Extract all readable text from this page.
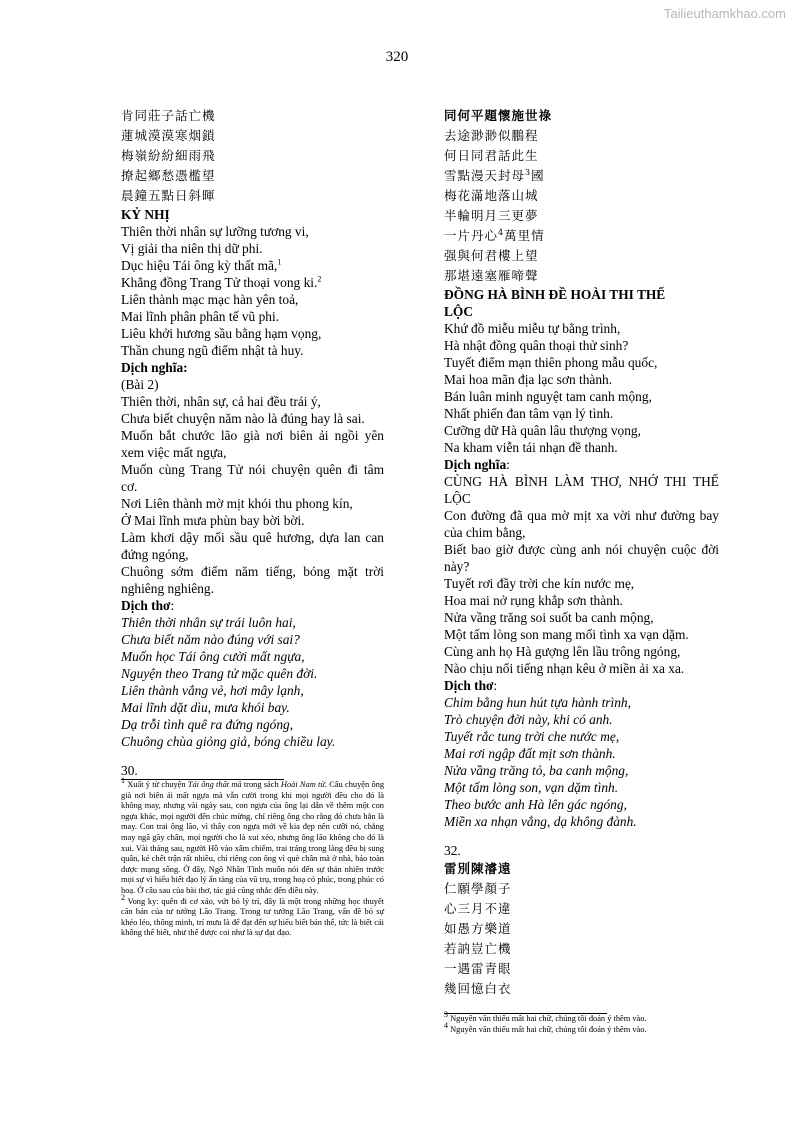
Tailieuthamkhao.com
320
肯同莊子話亡機
蓮城漠漠寒烟鎖
梅嶺紛紛細雨飛
撩起鄉愁憑檻望
晨鐘五點日斜暉
KỶ NHỊ
Thiên thời nhân sự lưỡng tương vi,
Vị giải tha niên thị dữ phi.
Dục hiệu Tái ông kỳ thất mã,$^1$
Khẳng đồng Trang Tử thoại vong ki.$^2$
Liên thành mạc mạc hàn yên toả,
Mai lĩnh phân phân tế vũ phi.
Liêu khởi hương sầu bằng hạm vọng,
Thần chung ngũ điểm nhật tà huy.
Dịch nghĩa:
(Bài 2)
Thiên thời, nhân sự, cả hai đều trái ý,
Chưa biết chuyện năm nào là đúng hay là sai.
Muốn bắt chước lão già nơi biên ải ngồi yên xem việc mất ngựa,
Muốn cùng Trang Tử nói chuyện quên đi tâm cơ.
Nơi Liên thành mờ mịt khói thu phong kín,
Ở Mai lĩnh mưa phùn bay bời bời.
Làm khơi dậy mối sầu quê hương, dựa lan can đứng ngóng,
Chuông sớm điểm năm tiếng, bóng mặt trời nghiêng nghiêng.
Dịch thơ:
Thiên thời nhân sự trái luôn hai,
Chưa biết năm nào đúng với sai?
Muốn học Tái ông cười mất ngựa,
Nguyện theo Trang tử mặc quên đời.
Liên thành vắng vẻ, hơi mây lạnh,
Mai lĩnh dặt dìu, mưa khói bay.
Dạ trỗi tình quê ra đứng ngóng,
Chuông chùa giỏng giả, bóng chiều lay.
30.
$^1$ Xuất ý từ chuyện Tái ông thất mã trong sách Hoài Nam tử. Câu chuyện ông già nơi biên ải mất ngựa mà vẫn cười trong khi mọi người đều cho đó là không may, nhưng vài ngày sau, con ngựa của ông lại dẫn về thêm một con ngựa khác, mọi người đến chúc mừng, chỉ riêng ông cho rằng đó chưa hẳn là may. Con trai ông lão, vì thấy con ngựa mới về kia đẹp nên cưỡi nó, chẳng may ngã gãy chân, mọi người cho là xui xẻo, nhưng ông lão không cho đó là xui. Vài tháng sau, người Hồ vào xâm chiếm, trai tráng trong làng đều bị sung quân, kẻ chết trận rất nhiều, chỉ riêng con ông vì què chân mà ở nhà, bảo toàn được mạng sống. Ở đây, Ngô Nhân Tĩnh muốn nói đến sự thản nhiên trước mọi sự vì hiểu biết đạo lý ẩn tàng của vũ trụ, trong hoạ có phúc, trong phúc có hoạ. Ở câu sau của bài thơ, tác giả cũng nhắc đến điều này.
$^2$ Vong ky: quên đi cơ xảo, vứt bỏ lý trí, đây là một trong những học thuyết căn bản của tư tưởng Lão Trang. Trong tư tưởng Lão Trang, vấn đề bỏ sự khéo léo, thông minh, trí mưu là để đạt đến sự hiểu biết bản thể, tức là biết cái không thể biết, như thế được coi như là sự đạt đạo.
同何平題懷施世祿
去途渺渺似鵬程
何日同君話此生
雪點漫天封母$^3$國
梅花滿地落山城
半輪明月三更夢
一片丹心$^4$萬里情
强與何君樓上望
那堪遠塞雁啼聲
ĐỒNG HÀ BÌNH ĐỀ HOÀI THI THẾ
LỘC
Khứ đồ miễu miễu tự bằng trình,
Hà nhật đồng quân thoại thử sinh?
Tuyết điểm mạn thiên phong mẫu quốc,
Mai hoa mãn địa lạc sơn thành.
Bán luân minh nguyệt tam canh mộng,
Nhất phiến đan tâm vạn lý tình.
Cưỡng dữ Hà quân lâu thượng vọng,
Na kham viễn tái nhạn đề thanh.
Dịch nghĩa:
CÙNG HÀ BÌNH LÀM THƠ, NHỚ THI THẾ LỘC
Con đường đã qua mờ mịt xa vời như đường bay của chim bằng,
Biết bao giờ được cùng anh nói chuyện cuộc đời này?
Tuyết rơi đầy trời che kín nước mẹ,
Hoa mai nở rụng khắp sơn thành.
Nửa vầng trăng soi suốt ba canh mộng,
Một tấm lòng son mang mối tình xa vạn dặm.
Cùng anh họ Hà gượng lên lầu trông ngóng,
Nào chịu nổi tiếng nhạn kêu ở miền ải xa xa.
Dịch thơ:
Chim bằng hun hút tựa hành trình,
Trò chuyện đời này, khi có anh.
Tuyết rắc tung trời che nước mẹ,
Mai rơi ngập đất mịt sơn thành.
Nửa vầng trăng tỏ, ba canh mộng,
Một tấm lòng son, vạn dặm tình.
Theo bước anh Hà lên gác ngóng,
Miền xa nhạn vắng, dạ không đành.
32.
雷別陳濬遠
仁願學顏子
心三月不違
如愚方樂道
若訥豈亡機
一遇雷青眼
幾回憶白衣
$^3$ Nguyên văn thiếu mất hai chữ, chúng tôi đoán ý thêm vào.
$^4$ Nguyên văn thiếu mất hai chữ, chúng tôi đoán ý thêm vào.
